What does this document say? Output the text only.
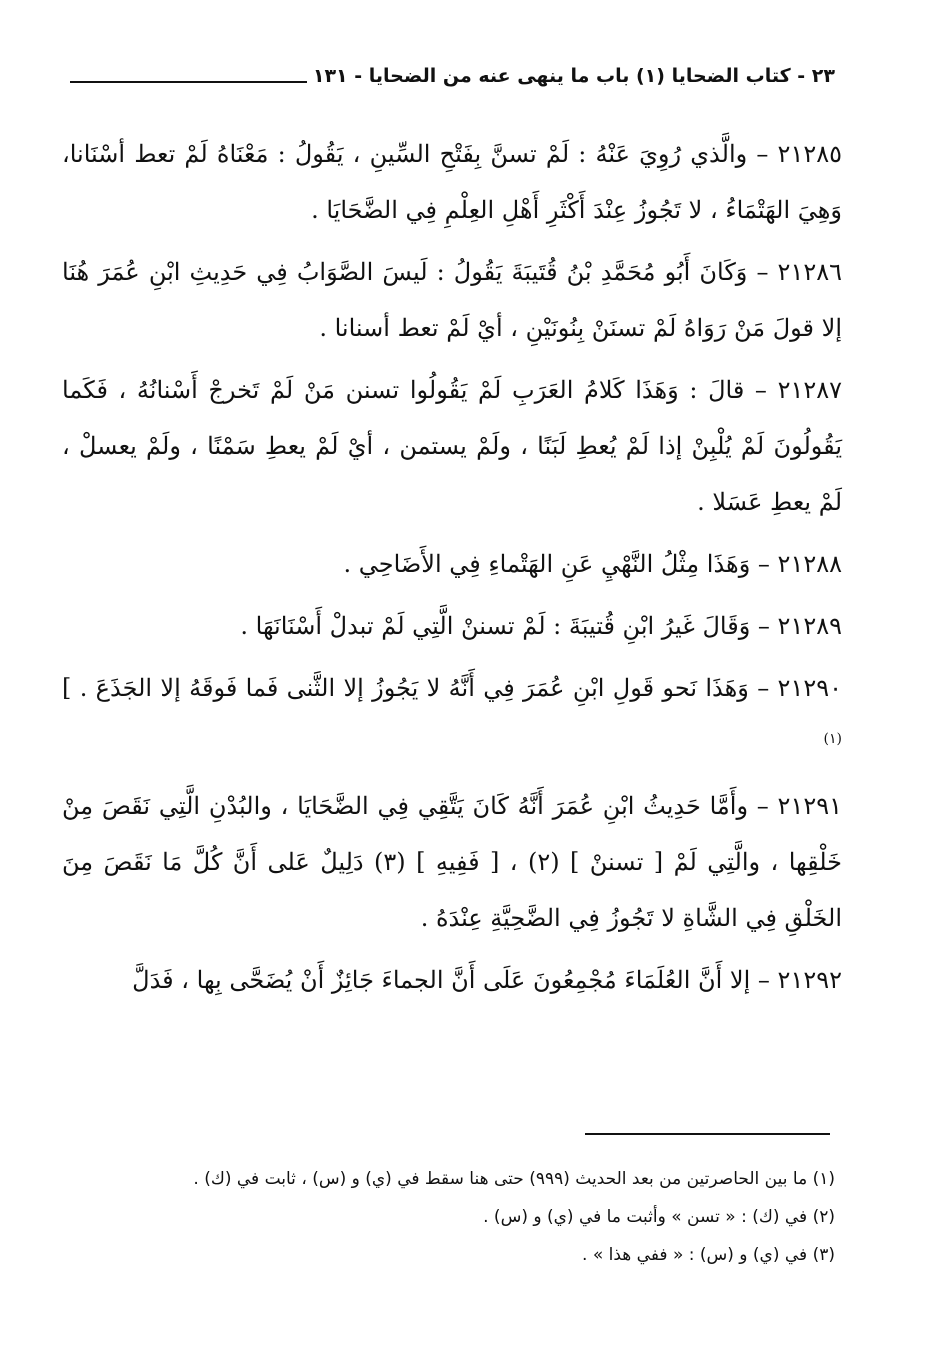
٢٣ - كتاب الضحايا (١) باب ما ينهى عنه من الضحايا - ١٣١

٢١٢٨٥ – والَّذي رُوِيَ عَنْهُ : لَمْ تسنَّ بِفَتْحِ السِّينِ ، يَقُولُ : مَعْنَاهُ لَمْ تعط أسْنَانا، وَهِيَ الهَتْمَاءُ ، لا تَجُوزُ عِنْدَ أَكْثَرِ أَهْلِ العِلْمِ فِي الضَّحَايَا .

٢١٢٨٦ – وَكَانَ أَبُو مُحَمَّدِ بْنُ قُتَيبَةَ يَقُولُ : لَيسَ الصَّوَابُ فِي حَدِيثِ ابْنِ عُمَرَ هُنَا إلا قولَ مَنْ رَوَاهُ لَمْ تسنَنْ بِنُونَيْنِ ، أيْ لَمْ تعط أسنانا .

٢١٢٨٧ – قالَ : وَهَذَا كَلامُ العَرَبِ لَمْ يَقُولُوا تسنن مَنْ لَمْ تَخرجْ أَسْنانُهُ ، فَكَما يَقُولُونَ لَمْ يُلْبِنْ إذا لَمْ يُعطِ لَبَنًا ، ولَمْ يستمن ، أيْ لَمْ يعطِ سَمْنًا ، ولَمْ يعسلْ ، لَمْ يعطِ عَسَلا .

٢١٢٨٨ – وَهَذَا مِثْلُ النَّهْيِ عَنِ الهَتْماءِ فِي الأَضَاحِي .

٢١٢٨٩ – وَقَالَ غَيرُ ابْنِ قُتيبَةَ : لَمْ تسننْ الَّتِي لَمْ تبدلْ أَسْنَانَهَا .

٢١٢٩٠ – وَهَذَا نَحو قَولِ ابْنِ عُمَرَ فِي أَنَّهُ لا يَجُوزُ إلا الثَّنى فَما فَوقَهُ إلا الجَذَعَ . ] $^{(١)}$

٢١٢٩١ – وأَمَّا حَدِيثُ ابْنِ عُمَرَ أَنَّهُ كَانَ يَتَّقِي فِي الضَّحَايَا ، والبُدْنِ الَّتِي نَقَصَ مِنْ خَلْقِها ، والَّتِي لَمْ [ تسننْ ] (٢) ، [ فَفِيهِ ] (٣) دَلِيلٌ عَلى أَنَّ كُلَّ مَا نَقَصَ مِنَ الخَلْقِ فِي الشَّاةِ لا تَجُوزُ فِي الضَّحِيَّةِ عِنْدَهُ .

٢١٢٩٢ – إلا أَنَّ العُلَمَاءَ مُجْمِعُونَ عَلَى أَنَّ الجماءَ جَائِزٌ أَنْ يُضَحَّى بِها ، فَدَلَّ

(١) ما بين الحاصرتين من بعد الحديث (٩٩٩) حتى هنا سقط في (ي) و (س) ، ثابت في (ك) .
(٢) في (ك) : « تسن » وأثبت ما في (ي) و (س) .
(٣) في (ي) و (س) : « ففي هذا » .
